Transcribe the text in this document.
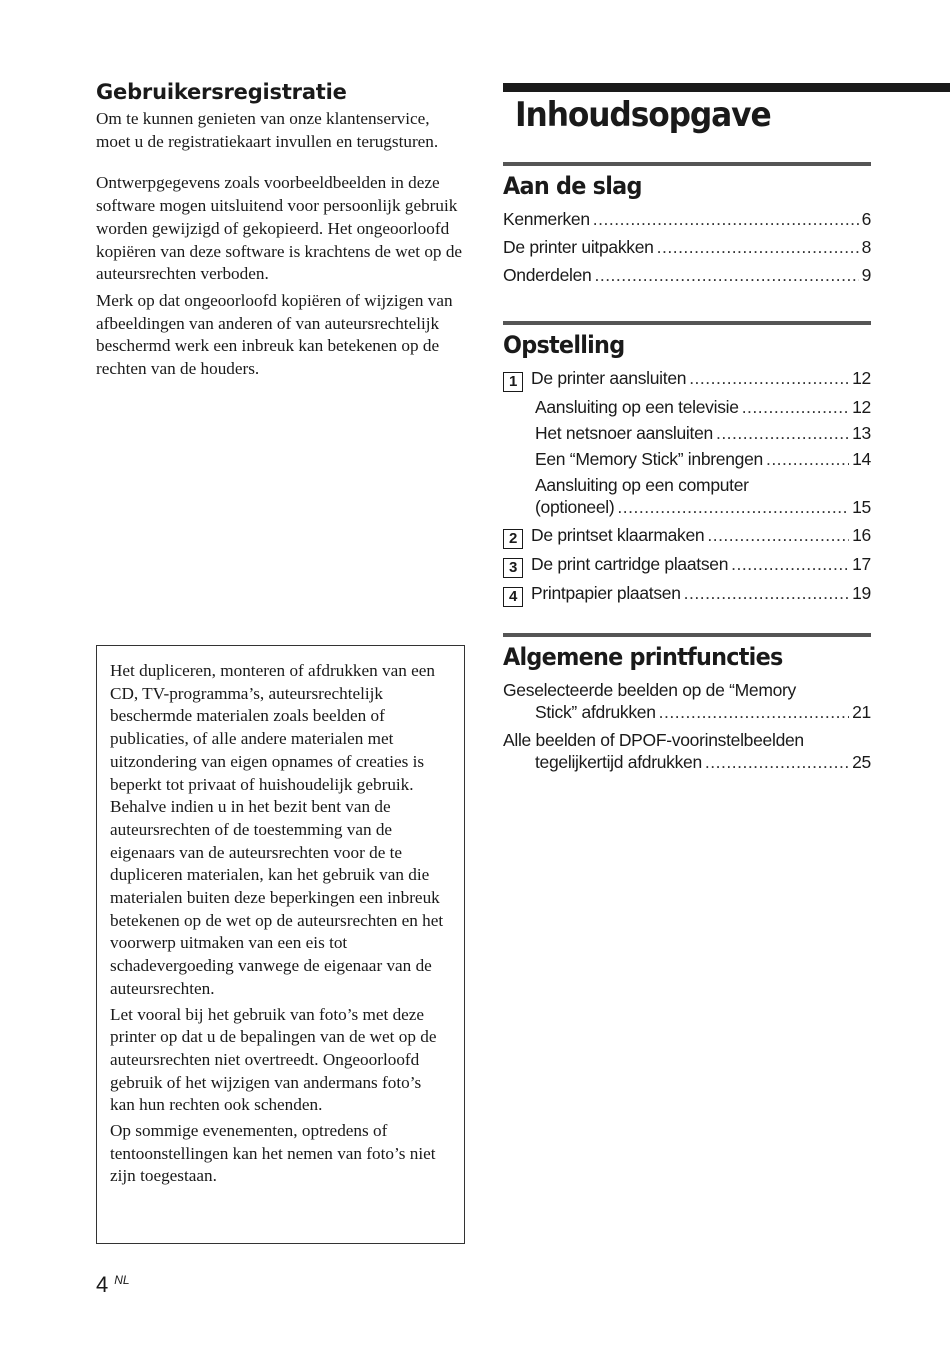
Gebruikersregistratie

Om te kunnen genieten van onze klantenservice, moet u de registratiekaart invullen en terugsturen.

Ontwerpgegevens zoals voorbeeldbeelden in deze software mogen uitsluitend voor persoonlijk gebruik worden gewijzigd of gekopieerd. Het ongeoorloofd kopiëren van deze software is krachtens de wet op de auteursrechten verboden.

Merk op dat ongeoorloofd kopiëren of wijzigen van afbeeldingen van anderen of van auteursrechtelijk beschermd werk een inbreuk kan betekenen op de rechten van de houders.

Het dupliceren, monteren of afdrukken van een CD, TV-programma’s, auteursrechtelijk beschermde materialen zoals beelden of publicaties, of alle andere materialen met uitzondering van eigen opnames of creaties is beperkt tot privaat of huishoudelijk gebruik. Behalve indien u in het bezit bent van de auteursrechten of de toestemming van de eigenaars van de auteursrechten voor de te dupliceren materialen, kan het gebruik van die materialen buiten deze beperkingen een inbreuk betekenen op de wet op de auteursrechten en het voorwerp uitmaken van een eis tot schadevergoeding vanwege de eigenaar van de auteursrechten.

Let vooral bij het gebruik van foto’s met deze printer op dat u de bepalingen van de wet op de auteursrechten niet overtreedt. Ongeoorloofd gebruik of het wijzigen van andermans foto’s kan hun rechten ook schenden.

Op sommige evenementen, optredens of tentoonstellingen kan het nemen van foto’s niet zijn toegestaan.

4 $^{NL}$
Inhoudsopgave
Aan de slag
Kenmerken .....	6
De printer uitpakken .....	8
Onderdelen .....	9
Opstelling
1 De printer aansluiten .....	12
Aansluiting op een televisie .....	12
Het netsnoer aansluiten .....	13
Een “Memory Stick” inbrengen .....	14
Aansluiting op een computer
(optioneel) .....	15
2 De printset klaarmaken .....	16
3 De print cartridge plaatsen .....	17
4 Printpapier plaatsen .....	19
Algemene printfuncties
Geselecteerde beelden op de “Memory
Stick” afdrukken .....	21
Alle beelden of DPOF-voorinstelbeelden
tegelijkertijd afdrukken .....	25
